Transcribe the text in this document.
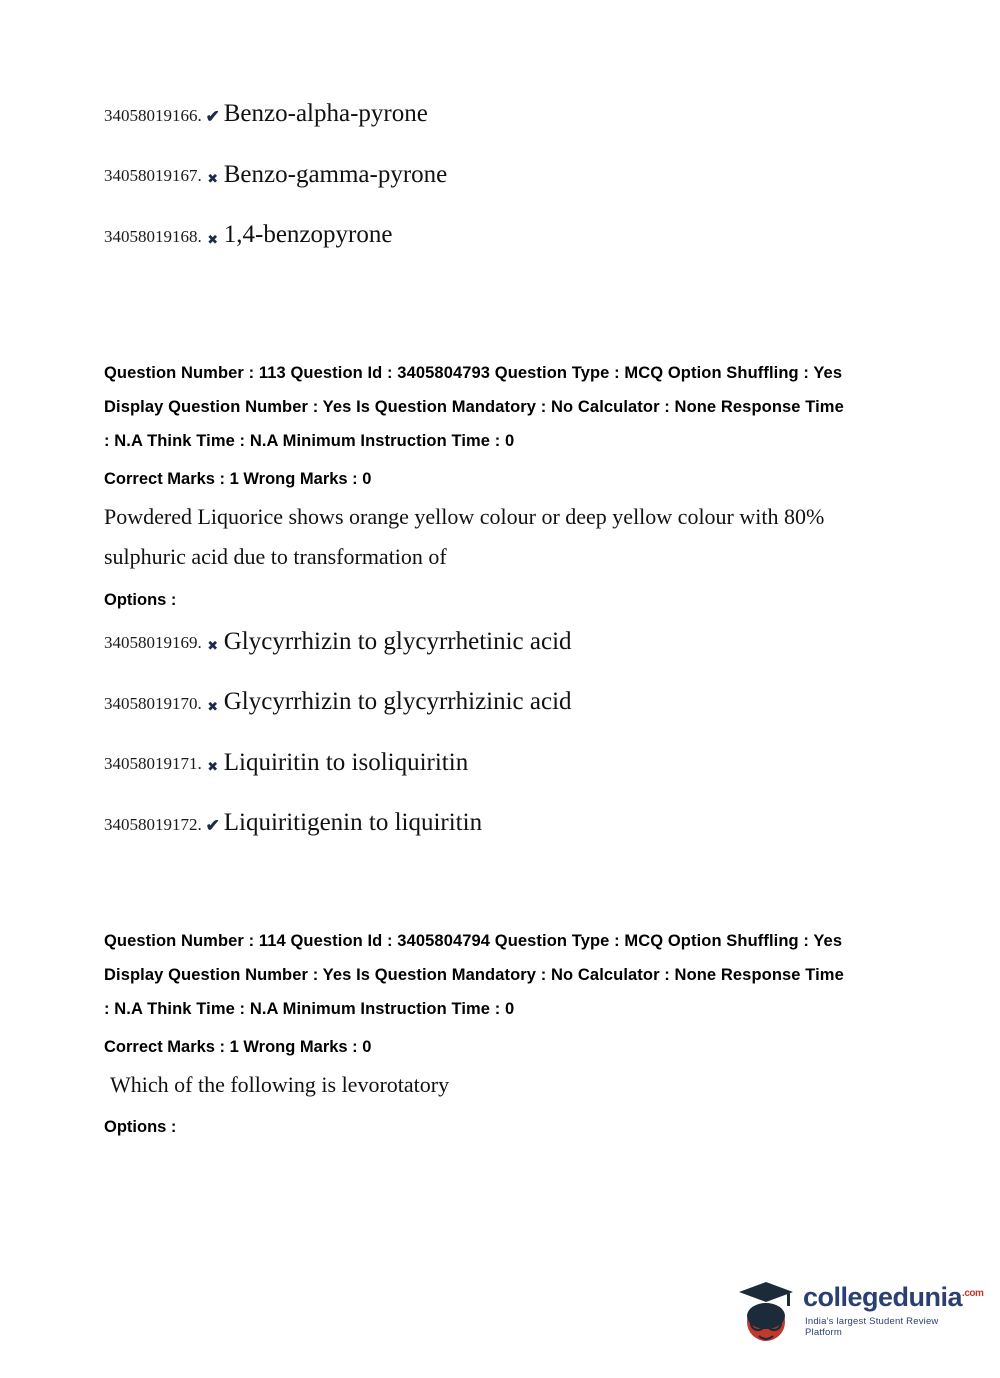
34058019166. ✔ Benzo-alpha-pyrone
34058019167. ✖ Benzo-gamma-pyrone
34058019168. ✖ 1,4-benzopyrone
Question Number : 113 Question Id : 3405804793 Question Type : MCQ Option Shuffling : Yes
Display Question Number : Yes Is Question Mandatory : No Calculator : None Response Time
: N.A Think Time : N.A Minimum Instruction Time : 0
Correct Marks : 1 Wrong Marks : 0
Powdered Liquorice shows orange yellow colour or deep yellow colour with 80%
sulphuric acid due to transformation of
Options :
34058019169. ✖ Glycyrrhizin to glycyrrhetinic acid
34058019170. ✖ Glycyrrhizin to glycyrrhizinic acid
34058019171. ✖ Liquiritin to isoliquiritin
34058019172. ✔ Liquiritigenin to liquiritin
Question Number : 114 Question Id : 3405804794 Question Type : MCQ Option Shuffling : Yes
Display Question Number : Yes Is Question Mandatory : No Calculator : None Response Time
: N.A Think Time : N.A Minimum Instruction Time : 0
Correct Marks : 1 Wrong Marks : 0
Which of the following is levorotatory
Options :
collegedunia$^{.com}$
India's largest Student Review Platform
